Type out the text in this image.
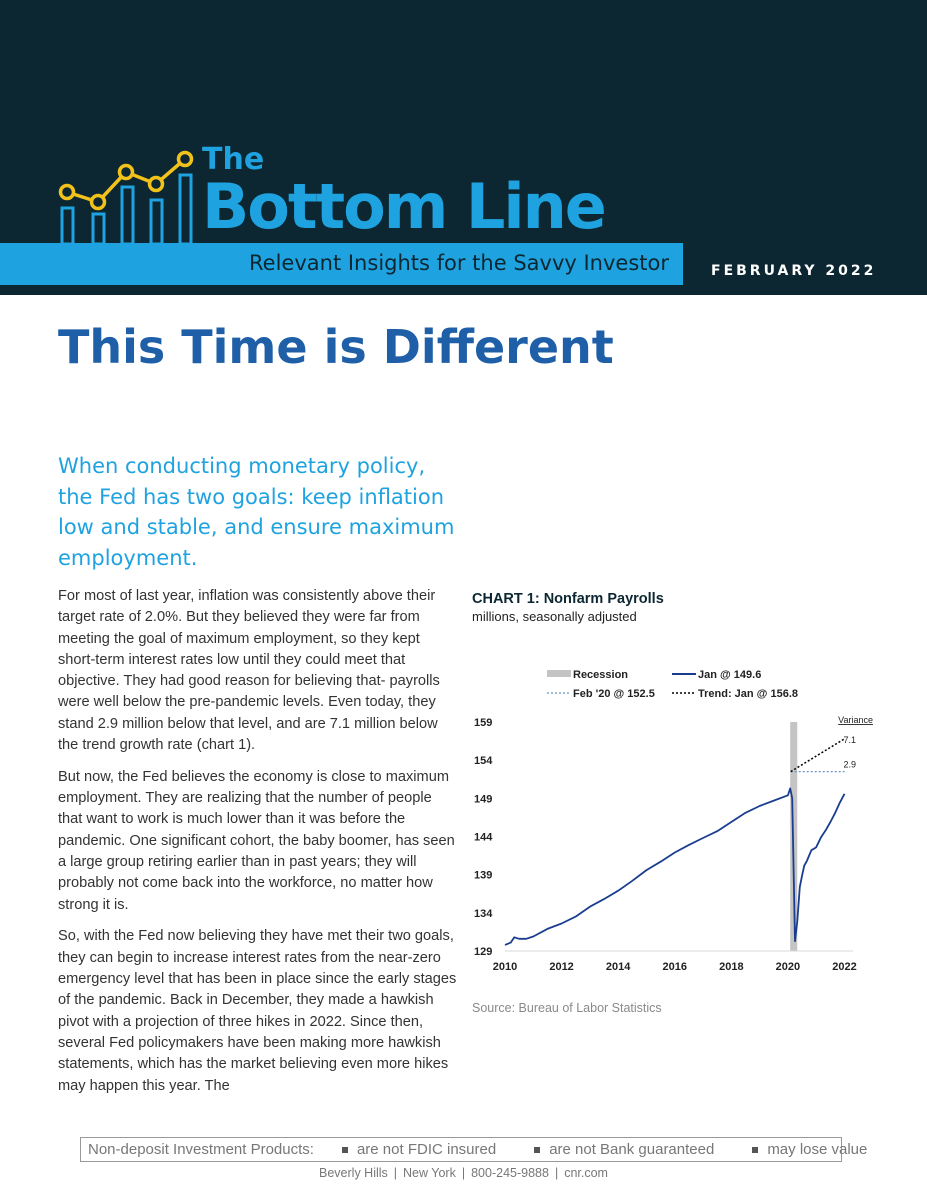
The
Bottom Line
Relevant Insights for the Savvy Investor	FEBRUARY 2022
This Time is Different
When conducting monetary policy, the Fed has two goals: keep inflation low and stable, and ensure maximum employment.

For most of last year, inflation was consistently above their target rate of 2.0%. But they believed they were far from meeting the goal of maximum employment, so they kept short-term interest rates low until they could meet that objective. They had good reason for believing that- payrolls were well below the pre-pandemic levels. Even today, they stand 2.9 million below that level, and are 7.1 million below the trend growth rate (chart 1).

But now, the Fed believes the economy is close to maximum employment. They are realizing that the number of people that want to work is much lower than it was before the pandemic. One significant cohort, the baby boomer, has seen a large group retiring earlier than in past years; they will probably not come back into the workforce, no matter how strong it is.

So, with the Fed now believing they have met their two goals, they can begin to increase interest rates from the near-zero emergency level that has been in place since the early stages of the pandemic. Back in December, they made a hawkish pivot with a projection of three hikes in 2022. Since then, several Fed policymakers have been making more hawkish statements, which has the market believing even more hikes may happen this year. The

CHART 1: Nonfarm Payrolls
millions, seasonally adjusted
Recession	Jan @ 149.6
Feb '20 @ 152.5	Trend: Jan @ 156.8
Variance
129
134
139
144
149
154
159
2010	2012	2014	2016	2018	2020	2022
7.1
2.9
Source: Bureau of Labor Statistics
Non-deposit Investment Products:	are not FDIC insured	are not Bank guaranteed	may lose value
Beverly Hills | New York | 800-245-9888 | cnr.com
